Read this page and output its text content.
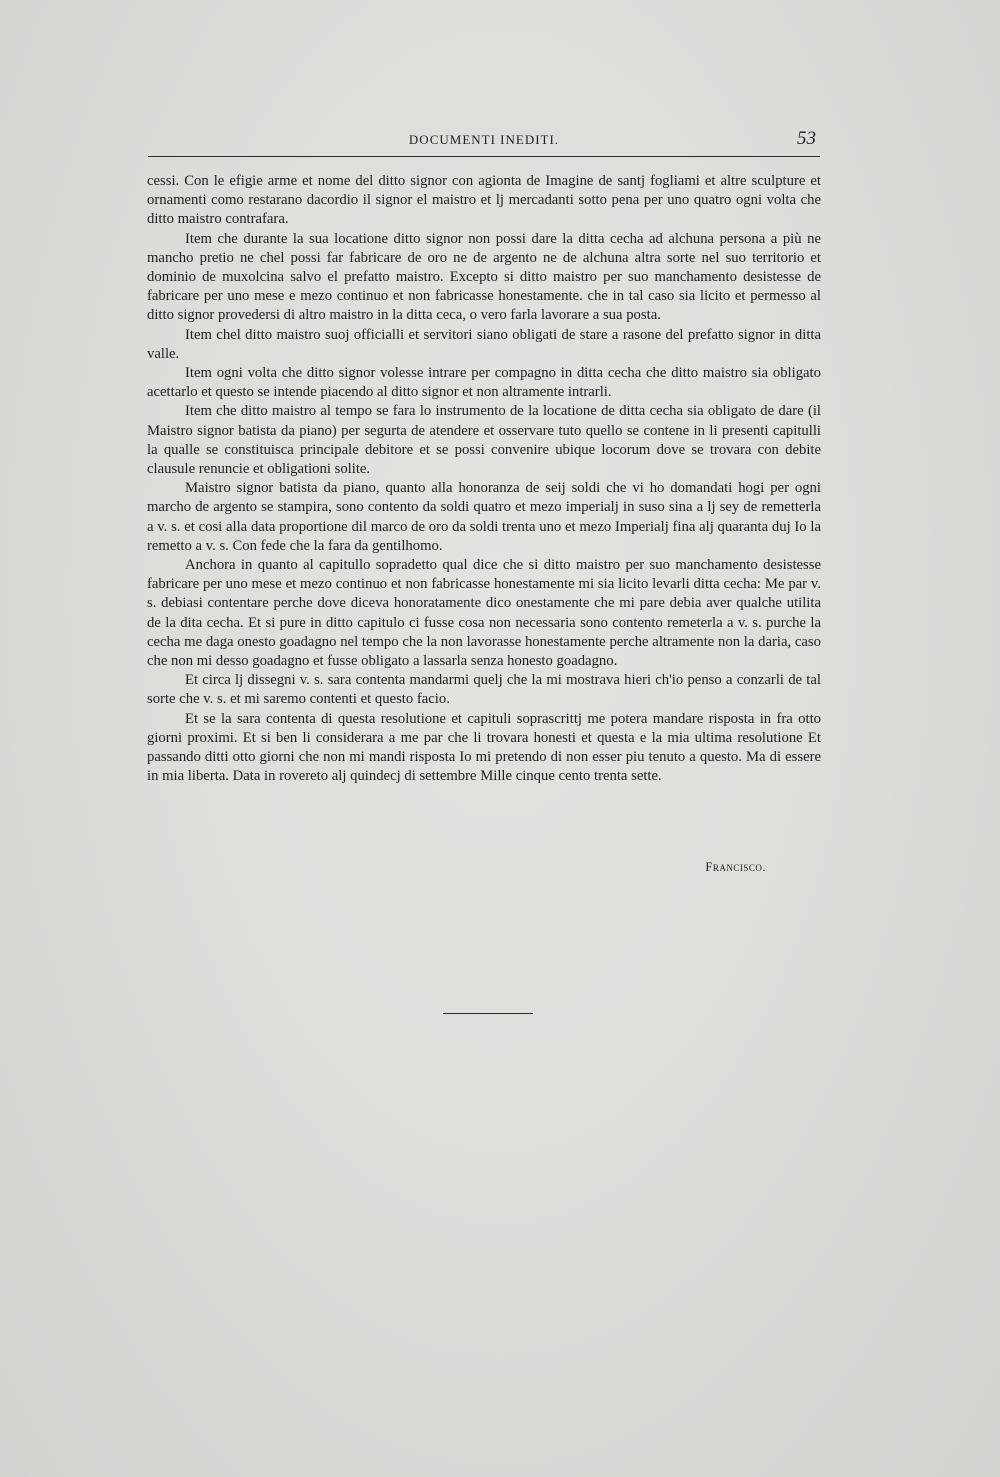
DOCUMENTI INEDITI.	53

cessi. Con le efigie arme et nome del ditto signor con agionta de Imagine de santj fogliami et altre sculpture et ornamenti como restarano dacordio il signor el maistro et lj mercadanti sotto pena per uno quatro ogni volta che ditto maistro contrafara.

Item che durante la sua locatione ditto signor non possi dare la ditta cecha ad alchuna persona a più ne mancho pretio ne chel possi far fabricare de oro ne de argento ne de alchuna altra sorte nel suo territorio et dominio de muxolcina salvo el prefatto maistro. Excepto si ditto maistro per suo manchamento desistesse de fabricare per uno mese e mezo continuo et non fabricasse honestamente. che in tal caso sia licito et permesso al ditto signor provedersi di altro maistro in la ditta ceca, o vero farla lavorare a sua posta.

Item chel ditto maistro suoj officialli et servitori siano obligati de stare a rasone del prefatto signor in ditta valle.

Item ogni volta che ditto signor volesse intrare per compagno in ditta cecha che ditto maistro sia obligato acettarlo et questo se intende piacendo al ditto signor et non altramente intrarli.

Item che ditto maistro al tempo se fara lo instrumento de la locatione de ditta cecha sia obligato de dare (il Maistro signor batista da piano) per segurta de atendere et osservare tuto quello se contene in li presenti capitulli la qualle se constituisca principale debitore et se possi convenire ubique locorum dove se trovara con debite clausule renuncie et obligationi solite.

Maistro signor batista da piano, quanto alla honoranza de seij soldi che vi ho domandati hogi per ogni marcho de argento se stampira, sono contento da soldi quatro et mezo imperialj in suso sina a lj sey de remetterla a v. s. et cosi alla data proportione dil marco de oro da soldi trenta uno et mezo Imperialj fina alj quaranta duj Io la remetto a v. s. Con fede che la fara da gentilhomo.

Anchora in quanto al capitullo sopradetto qual dice che si ditto maistro per suo manchamento desistesse fabricare per uno mese et mezo continuo et non fabricasse honestamente mi sia licito levarli ditta cecha: Me par v. s. debiasi contentare perche dove diceva honoratamente dico onestamente che mi pare debia aver qualche utilita de la dita cecha. Et si pure in ditto capitulo ci fusse cosa non necessaria sono contento remeterla a v. s. purche la cecha me daga onesto goadagno nel tempo che la non lavorasse honestamente perche altramente non la daria, caso che non mi desso goadagno et fusse obligato a lassarla senza honesto goadagno.

Et circa lj dissegni v. s. sara contenta mandarmi quelj che la mi mostrava hieri ch'io penso a conzarli de tal sorte che v. s. et mi saremo contenti et questo facio.

Et se la sara contenta di questa resolutione et capituli soprascrittj me potera mandare risposta in fra otto giorni proximi. Et si ben li considerara a me par che li trovara honesti et questa e la mia ultima resolutione Et passando ditti otto giorni che non mi mandi risposta Io mi pretendo di non esser piu tenuto a questo. Ma di essere in mia liberta. Data in rovereto alj quindecj di settembre Mille cinque cento trenta sette.

Francisco.
